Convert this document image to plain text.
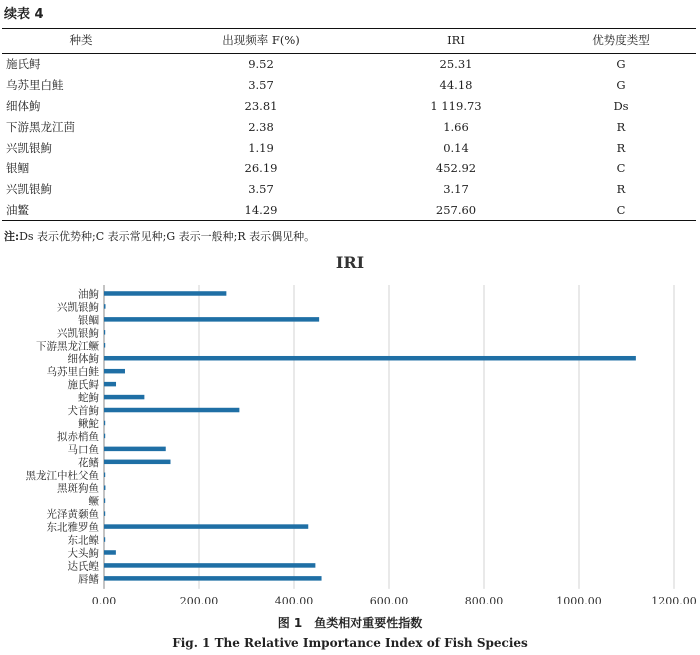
续表 4
种类	出现频率 F(%)	IRI	优势度类型
施氏鲟	9.52	25.31	G
乌苏里白鲑	3.57	44.18	G
细体鮈	23.81	1 119.73	Ds
下游黑龙江茴	2.38	1.66	R
兴凯银鮈	1.19	0.14	R
银鲴	26.19	452.92	C
兴凯银鮈	3.57	3.17	R
油鳘	14.29	257.60	C
注:Ds 表示优势种;C 表示常见种;G 表示一般种;R 表示偶见种。
IRI
油鮈
兴凯银鮈
银鲴
兴凯银鮈
下游黑龙江鳜
细体鮈
乌苏里白鲑
施氏鲟
蛇鮈
犬首鮈
鳅鮀
拟赤梢鱼
马口鱼
花鳍
黑龙江中杜父鱼
黑斑狗鱼
鳜
光泽黄颡鱼
东北雅罗鱼
东北鳈
大头鮈
达氏鳇
唇鳍
0.00	200.00	400.00	600.00	800.00	1000.00	1200.00
图 1　鱼类相对重要性指数
Fig. 1 The Relative Importance Index of Fish Species
